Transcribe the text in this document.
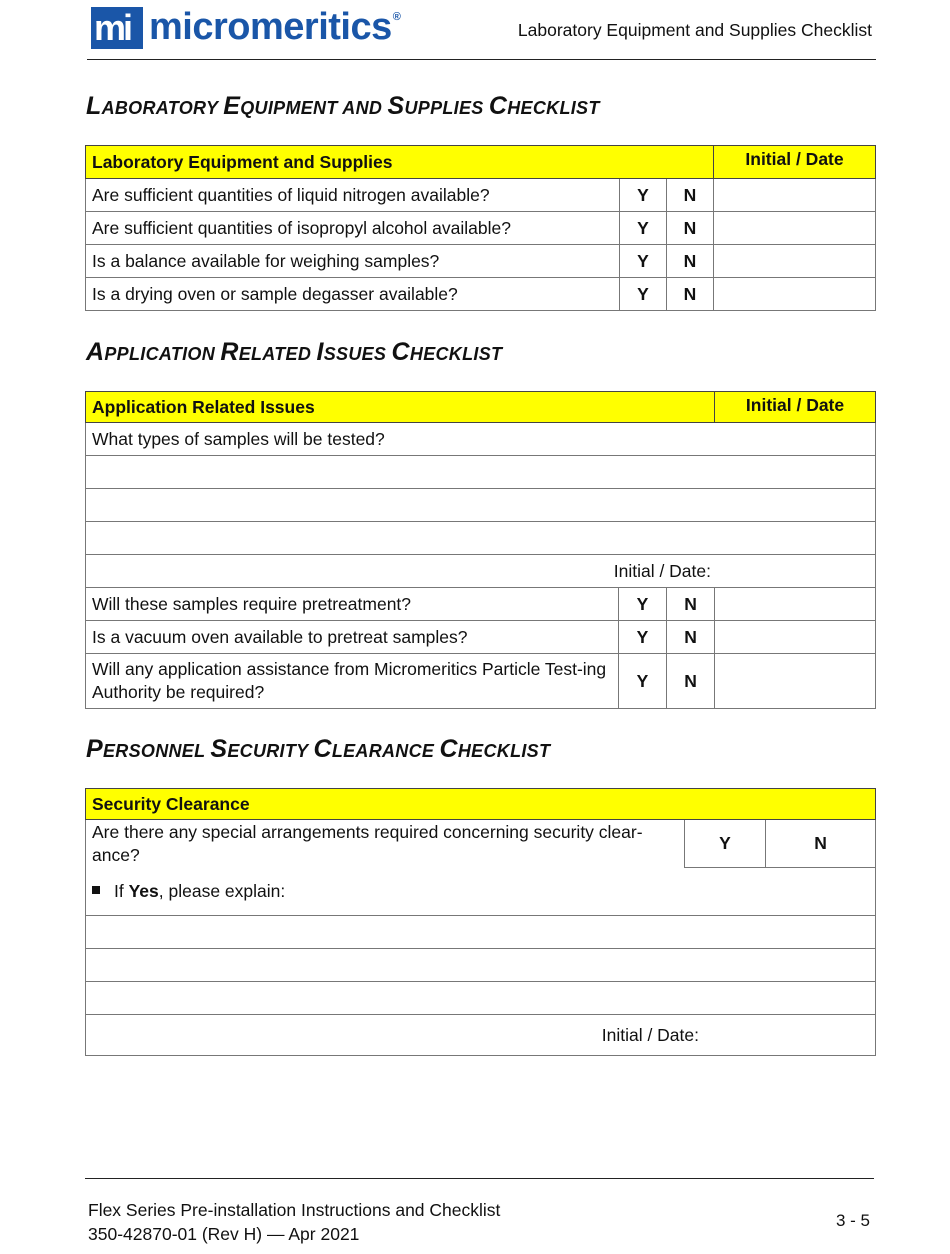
mi micromeritics ®
Laboratory Equipment and Supplies Checklist
LABORATORY EQUIPMENT AND SUPPLIES CHECKLIST
Laboratory Equipment and Supplies			Initial / Date
Are sufficient quantities of liquid nitrogen available?	Y	N	
Are sufficient quantities of isopropyl alcohol available?	Y	N	
Is a balance available for weighing samples?	Y	N	
Is a drying oven or sample degasser available?	Y	N	
APPLICATION RELATED ISSUES CHECKLIST
Application Related Issues			Initial / Date
What types of samples will be tested?			

Initial / Date:			
Will these samples require pretreatment?	Y	N	
Is a vacuum oven available to pretreat samples?	Y	N	
Will any application assistance from Micromeritics Particle Test-ing Authority be required?	Y	N	
PERSONNEL SECURITY CLEARANCE CHECKLIST
Security Clearance
Are there any special arrangements required concerning security clear-ance?	Y	N
If Yes, please explain:

Initial / Date:
Flex Series Pre-installation Instructions and Checklist
350-42870-01 (Rev H) — Apr 2021
3 - 5
